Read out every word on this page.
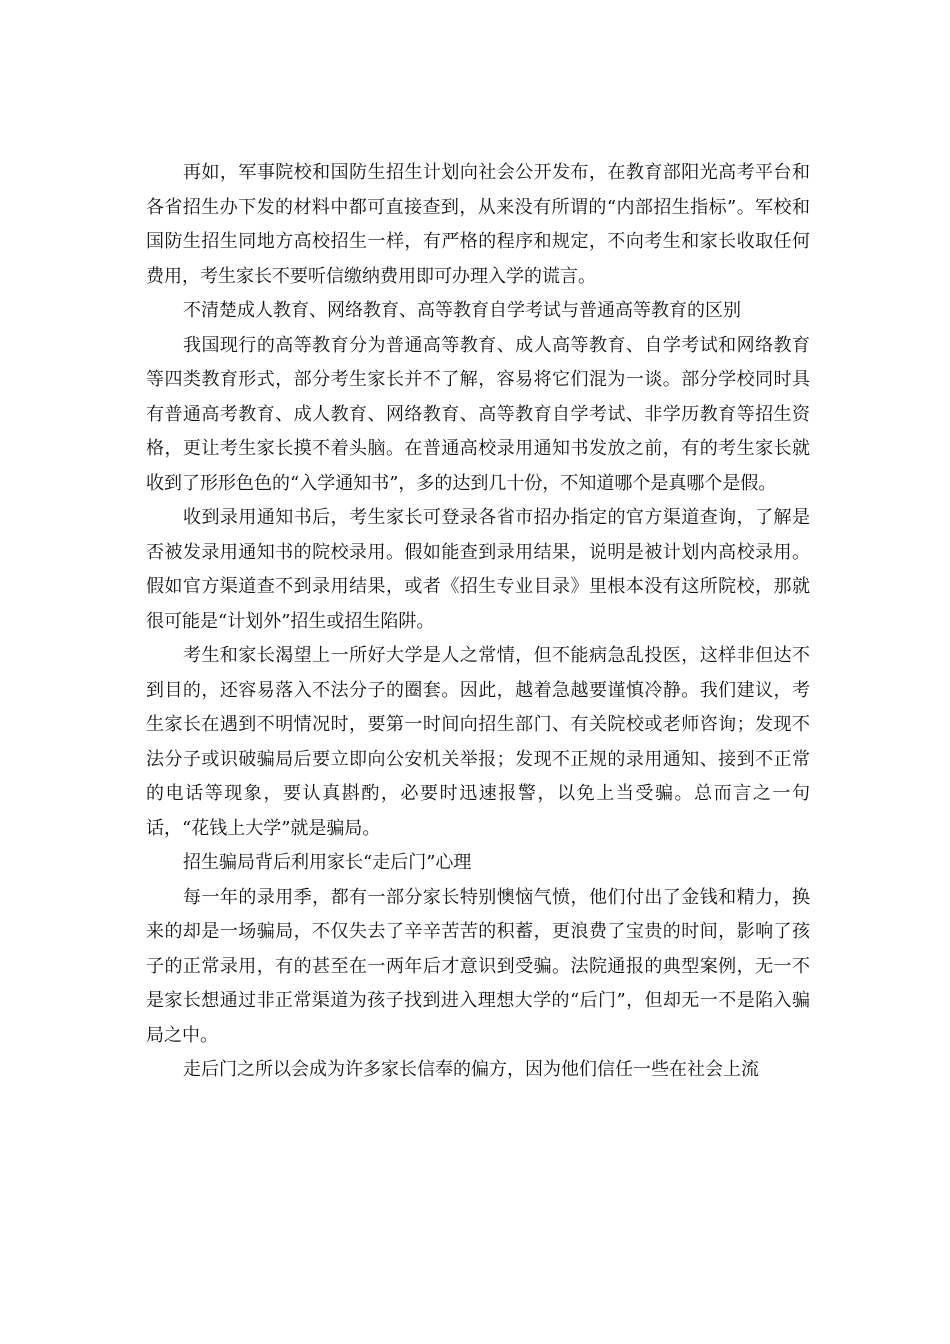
再如，军事院校和国防生招生计划向社会公开发布，在教育部阳光高考平台和各省招生办下发的材料中都可直接查到，从来没有所谓的“内部招生指标”。军校和国防生招生同地方高校招生一样，有严格的程序和规定，不向考生和家长收取任何费用，考生家长不要听信缴纳费用即可办理入学的谎言。

不清楚成人教育、网络教育、高等教育自学考试与普通高等教育的区别

我国现行的高等教育分为普通高等教育、成人高等教育、自学考试和网络教育等四类教育形式，部分考生家长并不了解，容易将它们混为一谈。部分学校同时具有普通高考教育、成人教育、网络教育、高等教育自学考试、非学历教育等招生资格，更让考生家长摸不着头脑。在普通高校录用通知书发放之前，有的考生家长就收到了形形色色的“入学通知书”，多的达到几十份，不知道哪个是真哪个是假。

收到录用通知书后，考生家长可登录各省市招办指定的官方渠道查询，了解是否被发录用通知书的院校录用。假如能查到录用结果，说明是被计划内高校录用。假如官方渠道查不到录用结果，或者《招生专业目录》里根本没有这所院校，那就很可能是“计划外”招生或招生陷阱。

考生和家长渴望上一所好大学是人之常情，但不能病急乱投医，这样非但达不到目的，还容易落入不法分子的圈套。因此，越着急越要谨慎冷静。我们建议，考生家长在遇到不明情况时，要第一时间向招生部门、有关院校或老师咨询；发现不法分子或识破骗局后要立即向公安机关举报；发现不正规的录用通知、接到不正常的电话等现象，要认真斟酌，必要时迅速报警，以免上当受骗。总而言之一句话，“花钱上大学”就是骗局。

招生骗局背后利用家长“走后门”心理

每一年的录用季，都有一部分家长特别懊恼气愤，他们付出了金钱和精力，换来的却是一场骗局，不仅失去了辛辛苦苦的积蓄，更浪费了宝贵的时间，影响了孩子的正常录用，有的甚至在一两年后才意识到受骗。法院通报的典型案例，无一不是家长想通过非正常渠道为孩子找到进入理想大学的“后门”，但却无一不是陷入骗局之中。

走后门之所以会成为许多家长信奉的偏方，因为他们信任一些在社会上流
